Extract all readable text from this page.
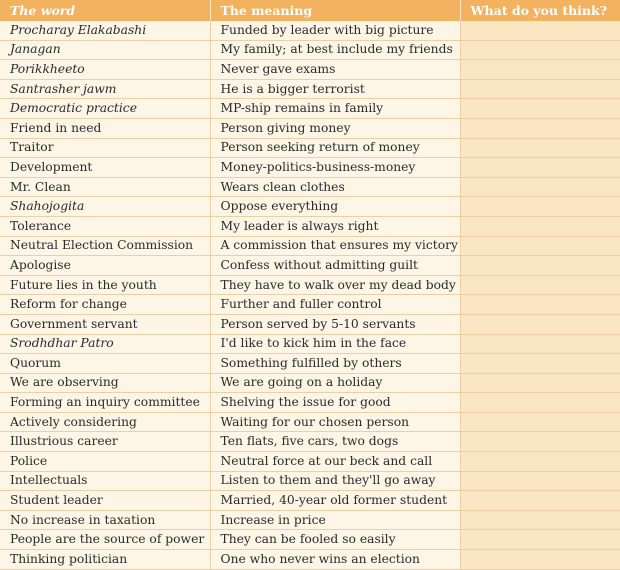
The word	The meaning	What do you think?
Procharay Elakabashi	Funded by leader with big picture	
Janagan	My family; at best include my friends	
Porikkheeto	Never gave exams	
Santrasher jawm	He is a bigger terrorist	
Democratic practice	MP-ship remains in family	
Friend in need	Person giving money	
Traitor	Person seeking return of money	
Development	Money-politics-business-money	
Mr. Clean	Wears clean clothes	
Shahojogita	Oppose everything	
Tolerance	My leader is always right	
Neutral Election Commission	A commission that ensures my victory	
Apologise	Confess without admitting guilt	
Future lies in the youth	They have to walk over my dead body	
Reform for change	Further and fuller control	
Government servant	Person served by 5-10 servants	
Srodhdhar Patro	I'd like to kick him in the face	
Quorum	Something fulfilled by others	
We are observing	We are going on a holiday	
Forming an inquiry committee	Shelving the issue for good	
Actively considering	Waiting for our chosen person	
Illustrious career	Ten flats, five cars, two dogs	
Police	Neutral force at our beck and call	
Intellectuals	Listen to them and they'll go away	
Student leader	Married, 40-year old former student	
No increase in taxation	Increase in price	
People are the source of power	They can be fooled so easily	
Thinking politician	One who never wins an election	
